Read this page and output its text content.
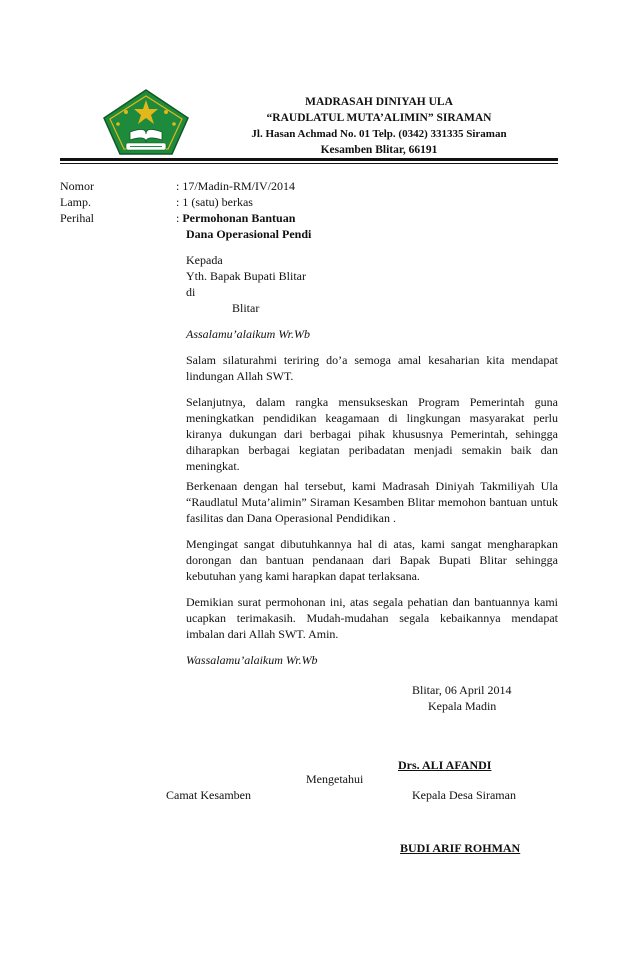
MADRASAH DINIYAH ULA
“RAUDLATUL MUTA’ALIMIN” SIRAMAN
Jl. Hasan Achmad No. 01 Telp. (0342) 331335 Siraman
Kesamben Blitar, 66191
Nomor	: 17/Madin-RM/IV/2014
Lamp.	: 1 (satu) berkas
Perihal	: Permohonan Bantuan
Dana Operasional Pendi
Kepada
Yth. Bapak Bupati Blitar
di
Blitar
Assalamu’alaikum Wr.Wb
Salam silaturahmi teriring do’a semoga amal kesaharian kita mendapat lindungan Allah SWT.
Selanjutnya, dalam rangka mensukseskan Program Pemerintah guna meningkatkan pendidikan keagamaan di lingkungan masyarakat perlu kiranya dukungan dari berbagai pihak khususnya Pemerintah, sehingga diharapkan berbagai kegiatan peribadatan menjadi semakin baik dan meningkat.
Berkenaan dengan hal tersebut, kami Madrasah Diniyah Takmiliyah Ula “Raudlatul Muta’alimin” Siraman Kesamben Blitar memohon bantuan untuk fasilitas dan Dana Operasional Pendidikan .
Mengingat sangat dibutuhkannya hal di atas, kami sangat mengharapkan dorongan dan bantuan pendanaan dari Bapak Bupati Blitar sehingga kebutuhan yang kami harapkan dapat terlaksana.
Demikian surat permohonan ini, atas segala pehatian dan bantuannya kami ucapkan terimakasih. Mudah-mudahan segala kebaikannya mendapat imbalan dari Allah SWT. Amin.
Wassalamu’alaikum Wr.Wb
Blitar, 06 April 2014
Kepala Madin
Drs. ALI AFANDI
Mengetahui
Camat Kesamben	Kepala Desa Siraman
BUDI ARIF ROHMAN
